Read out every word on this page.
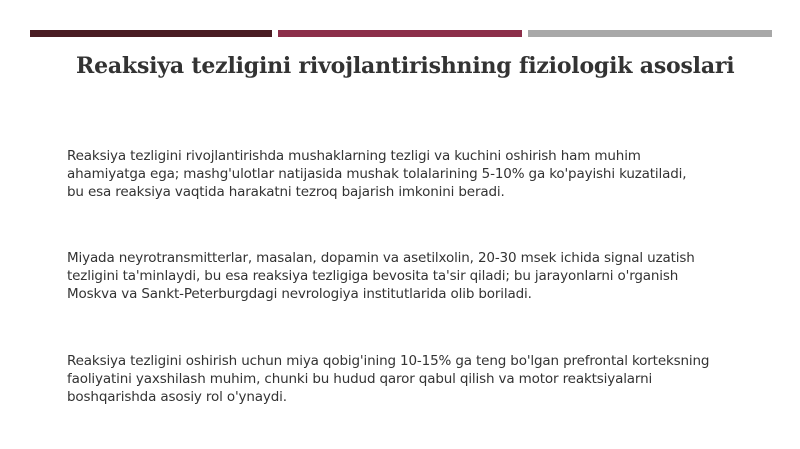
Reaksiya tezligini rivojlantirishning fiziologik asoslari
Reaksiya tezligini rivojlantirishda mushaklarning tezligi va kuchini oshirish ham muhim
ahamiyatga ega; mashg'ulotlar natijasida mushak tolalarining 5-10% ga ko'payishi kuzatiladi,
bu esa reaksiya vaqtida harakatni tezroq bajarish imkonini beradi.
Miyada neyrotransmitterlar, masalan, dopamin va asetilxolin, 20-30 msek ichida signal uzatish
tezligini ta'minlaydi, bu esa reaksiya tezligiga bevosita ta'sir qiladi; bu jarayonlarni o'rganish
Moskva va Sankt-Peterburgdagi nevrologiya institutlarida olib boriladi.
Reaksiya tezligini oshirish uchun miya qobig'ining 10-15% ga teng bo'lgan prefrontal korteksning
faoliyatini yaxshilash muhim, chunki bu hudud qaror qabul qilish va motor reaktsiyalarni
boshqarishda asosiy rol o'ynaydi.
